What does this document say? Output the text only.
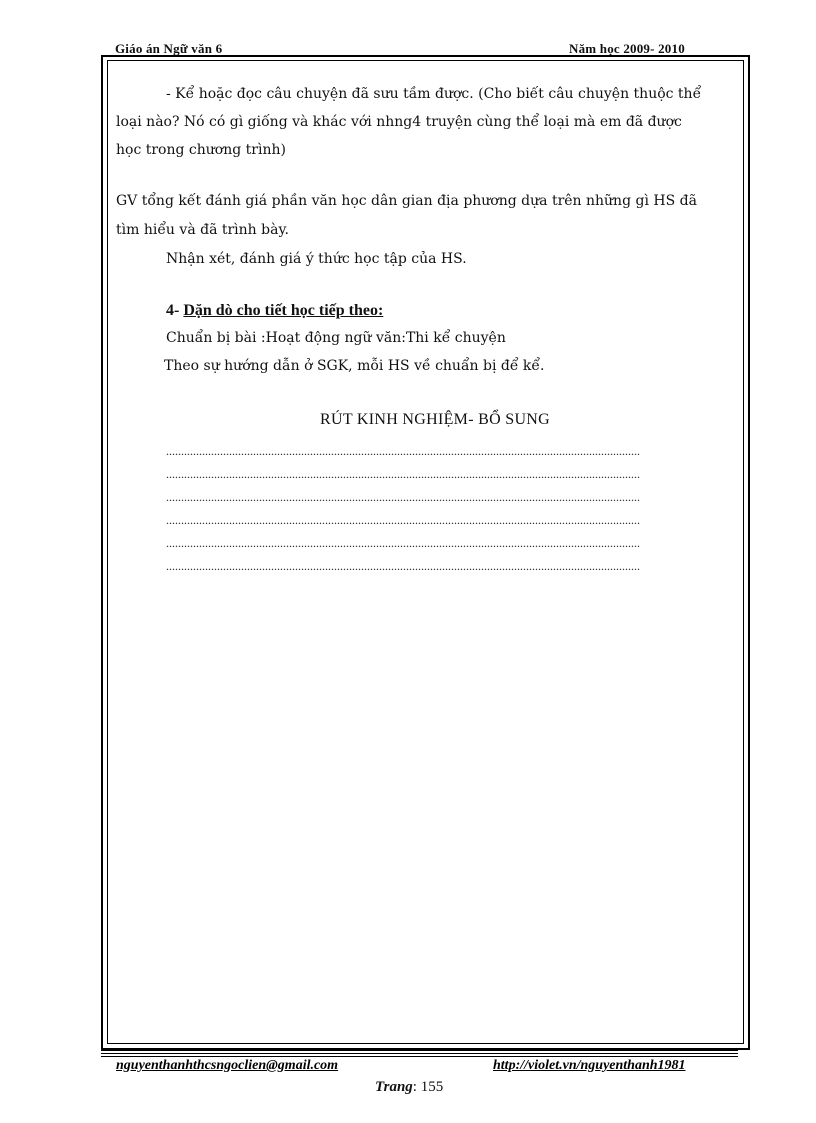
Giáo án Ngữ văn 6	Năm học 2009- 2010
- Kể hoặc đọc câu chuyện đã sưu tầm được. (Cho biết câu chuyện thuộc thể
loại nào? Nó có gì giống và khác với nhng4 truyện cùng thể loại mà em đã được
học trong chương trình)
GV tổng kết đánh giá phần văn học dân gian địa phương dựa trên những gì HS đã
tìm hiểu và đã trình bày.
Nhận xét, đánh giá ý thức học tập của HS.
4- Dặn dò cho tiết học tiếp theo:
Chuẩn bị bài :Hoạt động ngữ văn:Thi kể chuyện
Theo sự hướng dẫn ở SGK, mỗi HS về chuẩn bị để kể.
RÚT KINH NGHIỆM- BỔ SUNG
..............................................................................................................................................................
..............................................................................................................................................................
..............................................................................................................................................................
..............................................................................................................................................................
..............................................................................................................................................................
..............................................................................................................................................................
nguyenthanhthcsngoclien@gmail.com	http://violet.vn/nguyenthanh1981
Trang: 155
